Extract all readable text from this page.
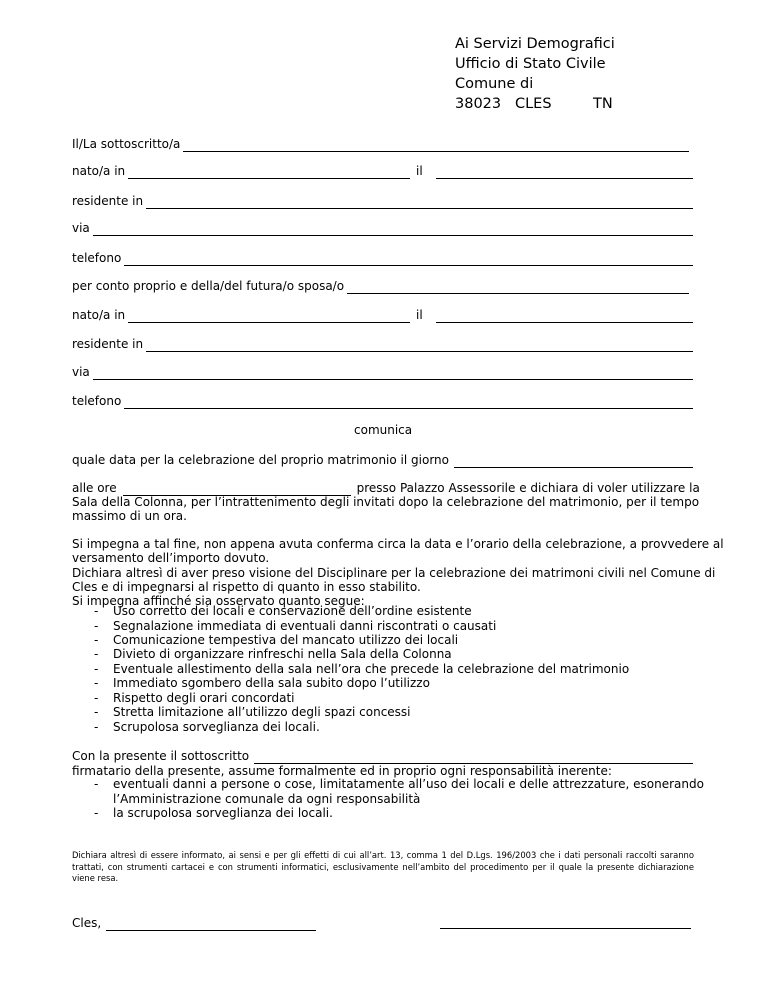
Ai Servizi Demografici
Ufficio di Stato Civile
Comune di
38023   CLES         TN
Il/La sottoscritto/a
nato/a in	il
residente in
via
telefono
per conto proprio e della/del futura/o sposa/o
nato/a in	il
residente in
via
telefono
comunica
quale data per la celebrazione del proprio matrimonio il giorno
alle ore	presso Palazzo Assessorile e dichiara di voler utilizzare la
Sala della Colonna, per l’intrattenimento degli invitati dopo la celebrazione del matrimonio, per il tempo
massimo di un ora.
Si impegna a tal fine, non appena avuta conferma circa la data e l’orario della celebrazione, a provvedere al
versamento dell’importo dovuto.
Dichiara altresì di aver preso visione del Disciplinare per la celebrazione dei matrimoni civili nel Comune di
Cles e di impegnarsi al rispetto di quanto in esso stabilito.
Si impegna affinché sia osservato quanto segue:
- Uso corretto dei locali e conservazione dell’ordine esistente
- Segnalazione immediata di eventuali danni riscontrati o causati
- Comunicazione tempestiva del mancato utilizzo dei locali
- Divieto di organizzare rinfreschi nella Sala della Colonna
- Eventuale allestimento della sala nell’ora che precede la celebrazione del matrimonio
- Immediato sgombero della sala subito dopo l’utilizzo
- Rispetto degli orari concordati
- Stretta limitazione all’utilizzo degli spazi concessi
- Scrupolosa sorveglianza dei locali.
Con la presente il sottoscritto
firmatario della presente, assume formalmente ed in proprio ogni responsabilità inerente:
- eventuali danni a persone o cose, limitatamente all’uso dei locali e delle attrezzature, esonerando
l’Amministrazione comunale da ogni responsabilità
- la scrupolosa sorveglianza dei locali.
Dichiara altresì di essere informato, ai sensi e per gli effetti di cui all’art. 13, comma 1 del D.Lgs. 196/2003 che i dati personali raccolti saranno trattati, con strumenti cartacei e con strumenti informatici, esclusivamente nell’ambito del procedimento per il quale la presente dichiarazione viene resa.
Cles,
